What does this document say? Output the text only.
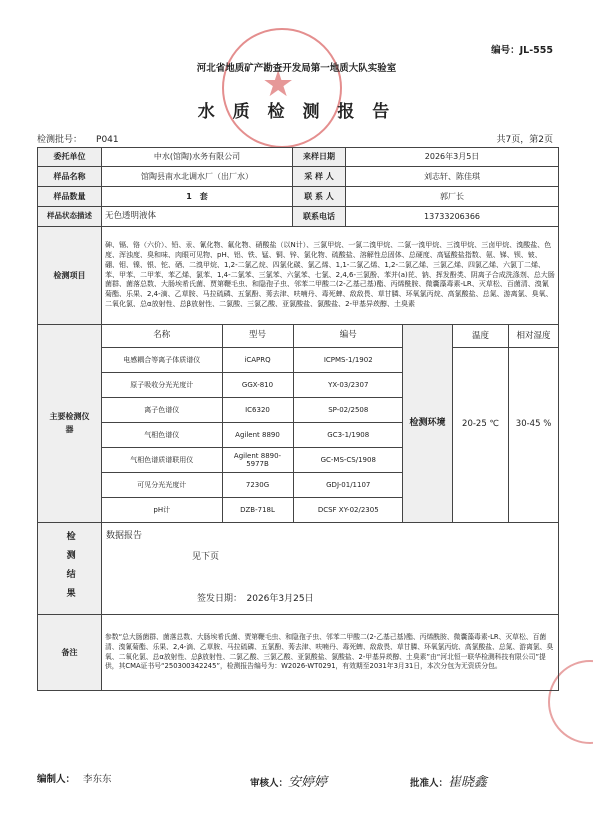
★
编号：JL-555
河北省地质矿产勘查开发局第一地质大队实验室
水 质 检 测 报 告
检测批号： P041	共7页，第2页
委托单位	中水(馆陶)水务有限公司	来样日期	2026年3月5日
样品名称	馆陶县南水北调水厂（出厂水）	采 样 人	刘志轩、陈佳琪
样品数量	1　套	联 系 人	郭厂长
样品状态描述	无色透明液体	联系电话	13733206366
检测项目	砷、镉、铬（六价）、铅、汞、氰化物、氟化物、硝酸盐（以N计）、三氯甲烷、一氯二溴甲烷、二氯一溴甲烷、三溴甲烷、三卤甲烷、溴酸盐、色度、浑浊度、臭和味、肉眼可见物、pH、铝、铁、锰、铜、锌、氯化物、硫酸盐、溶解性总固体、总硬度、高锰酸盐指数、氨、锑、钡、铍、硼、钼、镍、银、铊、硒、二溴甲烷、1,2-二氯乙烷、四氯化碳、氯乙烯、1,1-二氯乙烯、1,2-二氯乙烯、三氯乙烯、四氯乙烯、六氯丁二烯、苯、甲苯、二甲苯、苯乙烯、氯苯、1,4-二氯苯、三氯苯、六氯苯、七氯、2,4,6-三氯酚、苯并(a)芘、钠、挥发酚类、阴离子合成洗涤剂、总大肠菌群、菌落总数、大肠埃希氏菌、贾第鞭毛虫、和隐孢子虫、邻苯二甲酸二(2-乙基己基)酯、丙烯酰胺、微囊藻毒素-LR、灭草松、百菌清、溴氰菊酯、乐果、2,4-滴、乙草胺、马拉硫磷、五氯酚、莠去津、呋喃丹、毒死蜱、敌敌畏、草甘膦、环氧氯丙烷、高氯酸盐、总氮、游离氯、臭氧、二氧化氯、总α放射性、总β放射性、二氯酸、三氯乙酸、亚氯酸盐、氯酸盐、2-甲基异莰醇、土臭素
主要检测仪　　器	
名称	型号	编号
电感耦合等离子体质谱仪	iCAPRQ	ICPMS-1/1902
原子吸收分光光度计	GGX-810	YX-03/2307
离子色谱仪	IC6320	SP-02/2508
气相色谱仪	Agilent 8890	GC3-1/1908
气相色谱质谱联用仪	Agilent 8890-5977B	GC-MS-CS/1908
可见分光光度计	7230G	GDJ-01/1107
pH计	DZB-718L	DCSF XY-02/2305
	检测环境	
温度
20-25 ℃

相对湿度
30-45 %

检测结果	数据报告
见下页
签发日期：　2026年3月25日

备注	参数“总大肠菌群、菌落总数、大肠埃希氏菌、贾第鞭毛虫、和隐孢子虫、邻苯二甲酸二(2-乙基己基)酯、丙烯酰胺、微囊藻毒素-LR、灭草松、百菌清、溴氰菊酯、乐果、2,4-滴、乙草胺、马拉硫磷、五氯酚、莠去津、呋喃丹、毒死蜱、敌敌畏、草甘膦、环氧氯丙烷、高氯酸盐、总氮、游离氯、臭氧、二氧化氯、总α放射性、总β放射性、二氯乙酸、三氯乙酸、亚氯酸盐、氯酸盐、2-甲基异莰醇、土臭素”由“河北恒一联华检测科技有限公司”提供，其CMA证书号“250300342245”，检测报告编号为：W2026-WT0291，有效期至2031年3月31日，本次分包为无资质分包。
编制人： 李东东	审核人：安婷婷	批准人：崔晓鑫
